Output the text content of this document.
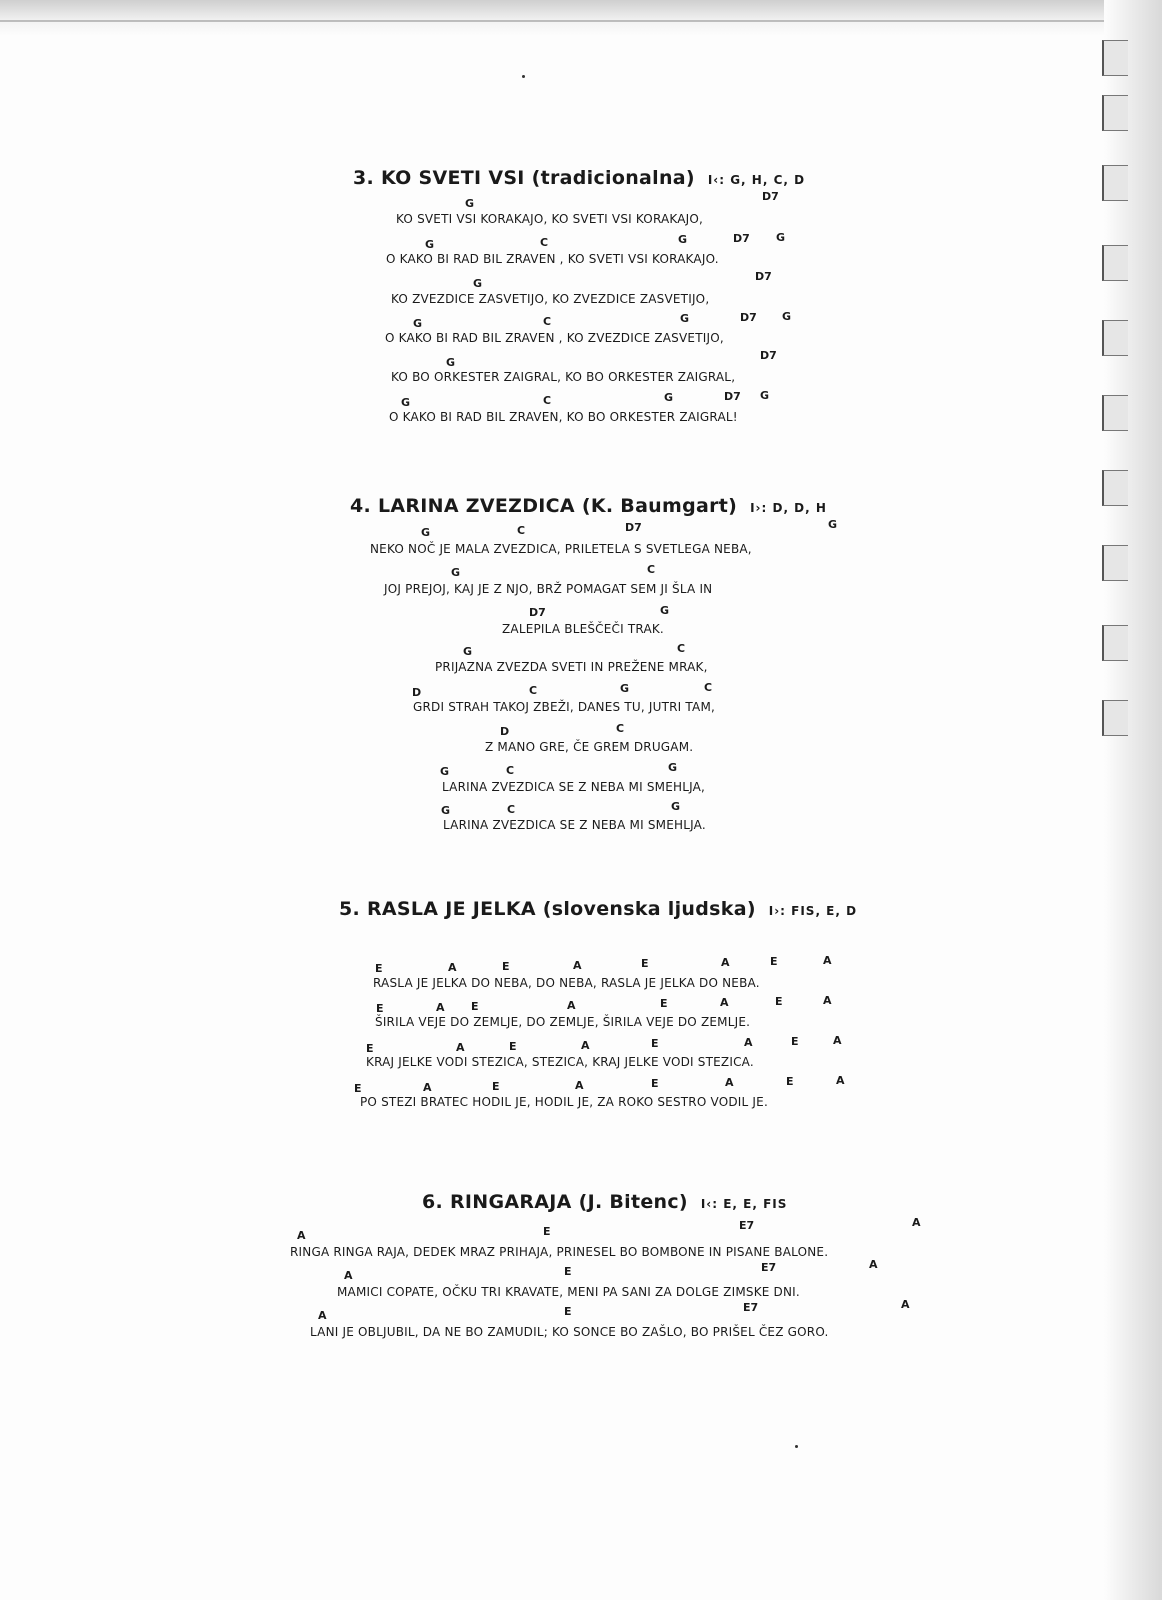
3. KO SVETI VSI (tradicionalna) I‹: G, H, C, D
G
D7
KO SVETI VSI KORAKAJO, KO SVETI VSI KORAKAJO,
G	C	G	D7 G
O KAKO BI RAD BIL ZRAVEN , KO SVETI VSI KORAKAJO.
G
D7
KO ZVEZDICE ZASVETIJO, KO ZVEZDICE ZASVETIJO,
G	C	G	D7 G
O KAKO BI RAD BIL ZRAVEN , KO ZVEZDICE ZASVETIJO,
G
D7
KO BO ORKESTER ZAIGRAL, KO BO ORKESTER ZAIGRAL,
G	C	G	D7 G
O KAKO BI RAD BIL ZRAVEN, KO BO ORKESTER ZAIGRAL!
4. LARINA ZVEZDICA (K. Baumgart) I›: D, D, H
G	C	D7	G
NEKO NOČ JE MALA ZVEZDICA, PRILETELA S SVETLEGA NEBA,
G	C
JOJ PREJOJ, KAJ JE Z NJO, BRŽ POMAGAT SEM JI ŠLA IN
D7	G
ZALEPILA BLEŠČEČI TRAK.
G	C
PRIJAZNA ZVEZDA SVETI IN PREŽENE MRAK,
D	C	G	C
GRDI STRAH TAKOJ ZBEŽI, DANES TU, JUTRI TAM,
D	C
Z MANO GRE, ČE GREM DRUGAM.
G	C	G
LARINA ZVEZDICA SE Z NEBA MI SMEHLJA,
G	C	G
LARINA ZVEZDICA SE Z NEBA MI SMEHLJA.
5. RASLA JE JELKA (slovenska ljudska) I›: FIS, E, D
E	A	E	A	E	A	E	A
RASLA JE JELKA DO NEBA, DO NEBA, RASLA JE JELKA DO NEBA.
E	A E	A	E	A	E	A
ŠIRILA VEJE DO ZEMLJE, DO ZEMLJE, ŠIRILA VEJE DO ZEMLJE.
E	A	E	A	E	A	E	A
KRAJ JELKE VODI STEZICA, STEZICA, KRAJ JELKE VODI STEZICA.
E	A	E	A	E	A	E	A
PO STEZI BRATEC HODIL JE, HODIL JE, ZA ROKO SESTRO VODIL JE.
6. RINGARAJA (J. Bitenc) I‹: E, E, FIS
A	E	E7	A
RINGA RINGA RAJA, DEDEK MRAZ PRIHAJA, PRINESEL BO BOMBONE IN PISANE BALONE.
A	E	E7	A
MAMICI COPATE, OČKU TRI KRAVATE, MENI PA SANI ZA DOLGE ZIMSKE DNI.
A	E	E7	A
LANI JE OBLJUBIL, DA NE BO ZAMUDIL; KO SONCE BO ZAŠLO, BO PRIŠEL ČEZ GORO.
